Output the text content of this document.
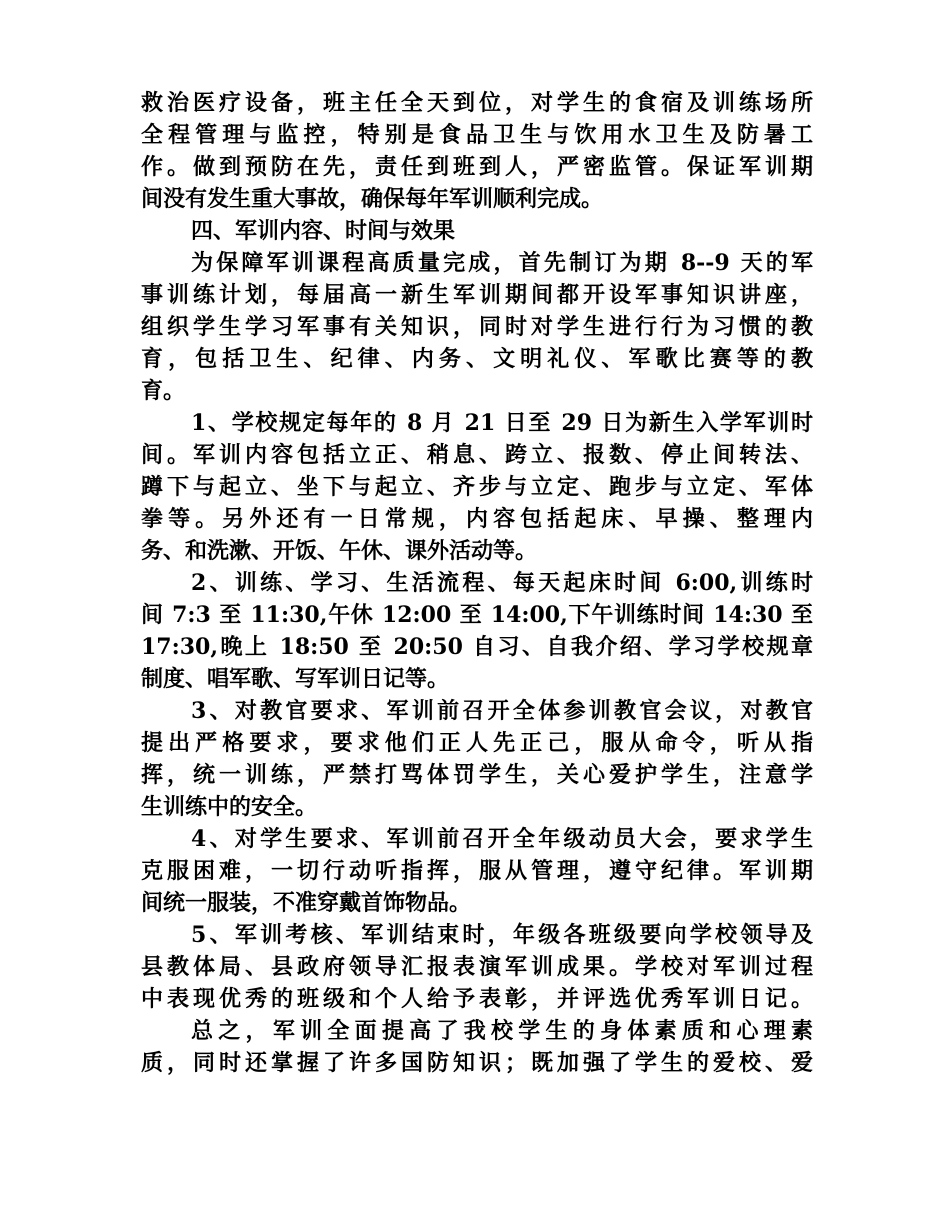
救治医疗设备，班主任全天到位，对学生的食宿及训练场所
全程管理与监控，特别是食品卫生与饮用水卫生及防暑工
作。做到预防在先，责任到班到人，严密监管。保证军训期
间没有发生重大事故，确保每年军训顺利完成。
四、军训内容、时间与效果
为保障军训课程高质量完成，首先制订为期 8--9 天的军
事训练计划，每届高一新生军训期间都开设军事知识讲座，
组织学生学习军事有关知识，同时对学生进行行为习惯的教
育，包括卫生、纪律、内务、文明礼仪、军歌比赛等的教
育。
1、学校规定每年的 8 月 21 日至 29 日为新生入学军训时
间。军训内容包括立正、稍息、跨立、报数、停止间转法、
蹲下与起立、坐下与起立、齐步与立定、跑步与立定、军体
拳等。另外还有一日常规，内容包括起床、早操、整理内
务、和洗漱、开饭、午休、课外活动等。
2、训练、学习、生活流程、每天起床时间 6:00,训练时
间 7:3 至 11:30,午休 12:00 至 14:00,下午训练时间 14:30 至
17:30,晚上 18:50 至 20:50 自习、自我介绍、学习学校规章
制度、唱军歌、写军训日记等。
3、对教官要求、军训前召开全体参训教官会议，对教官
提出严格要求，要求他们正人先正己，服从命令，听从指
挥，统一训练，严禁打骂体罚学生，关心爱护学生，注意学
生训练中的安全。
4、对学生要求、军训前召开全年级动员大会，要求学生
克服困难，一切行动听指挥，服从管理，遵守纪律。军训期
间统一服装，不准穿戴首饰物品。
5、军训考核、军训结束时，年级各班级要向学校领导及
县教体局、县政府领导汇报表演军训成果。学校对军训过程
中表现优秀的班级和个人给予表彰，并评选优秀军训日记。
总之，军训全面提高了我校学生的身体素质和心理素
质，同时还掌握了许多国防知识；既加强了学生的爱校、爱
